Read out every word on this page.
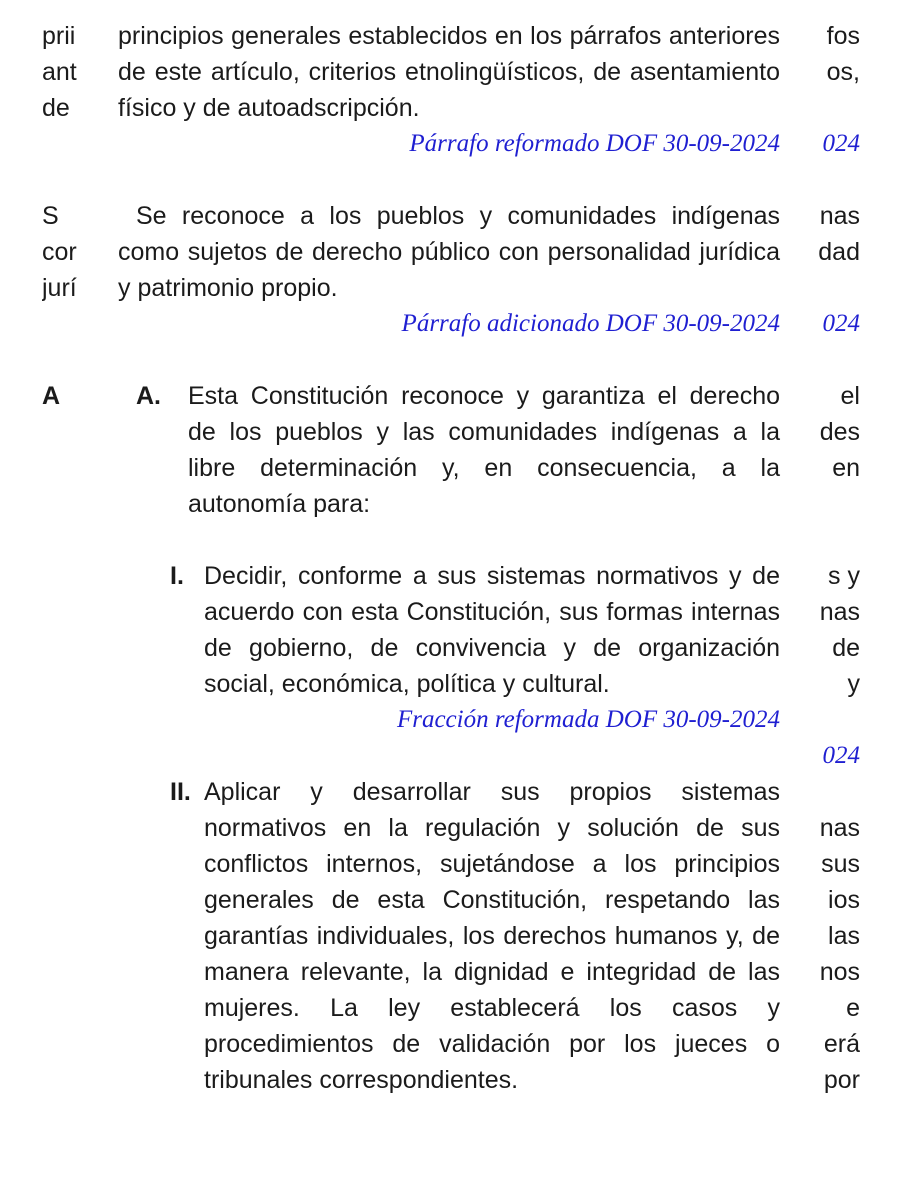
prii
ant
de
S
cor
jurí
A
fos
os,
024
nas
dad
024
el
des
en
s y
nas
de
y
024
nas
sus
ios
las
nos
e
erá
por
principios generales establecidos en los párrafos anteriores de este artículo, criterios etnolingüísticos, de asentamiento físico y de autoadscripción.
Párrafo reformado DOF 30-09-2024
Se reconoce a los pueblos y comunidades indígenas como sujetos de derecho público con personalidad jurídica y patrimonio propio.
Párrafo adicionado DOF 30-09-2024
A.	Esta Constitución reconoce y garantiza el derecho de los pueblos y las comunidades indígenas a la libre determinación y, en consecuencia, a la autonomía para:
I. Decidir, conforme a sus sistemas normativos y de acuerdo con esta Constitución, sus formas internas de gobierno, de convivencia y de organización social, económica, política y cultural.
Fracción reformada DOF 30-09-2024
II. Aplicar y desarrollar sus propios sistemas normativos en la regulación y solución de sus conflictos internos, sujetándose a los principios generales de esta Constitución, respetando las garantías individuales, los derechos humanos y, de manera relevante, la dignidad e integridad de las mujeres. La ley establecerá los casos y procedimientos de validación por los jueces o tribunales correspondientes.
